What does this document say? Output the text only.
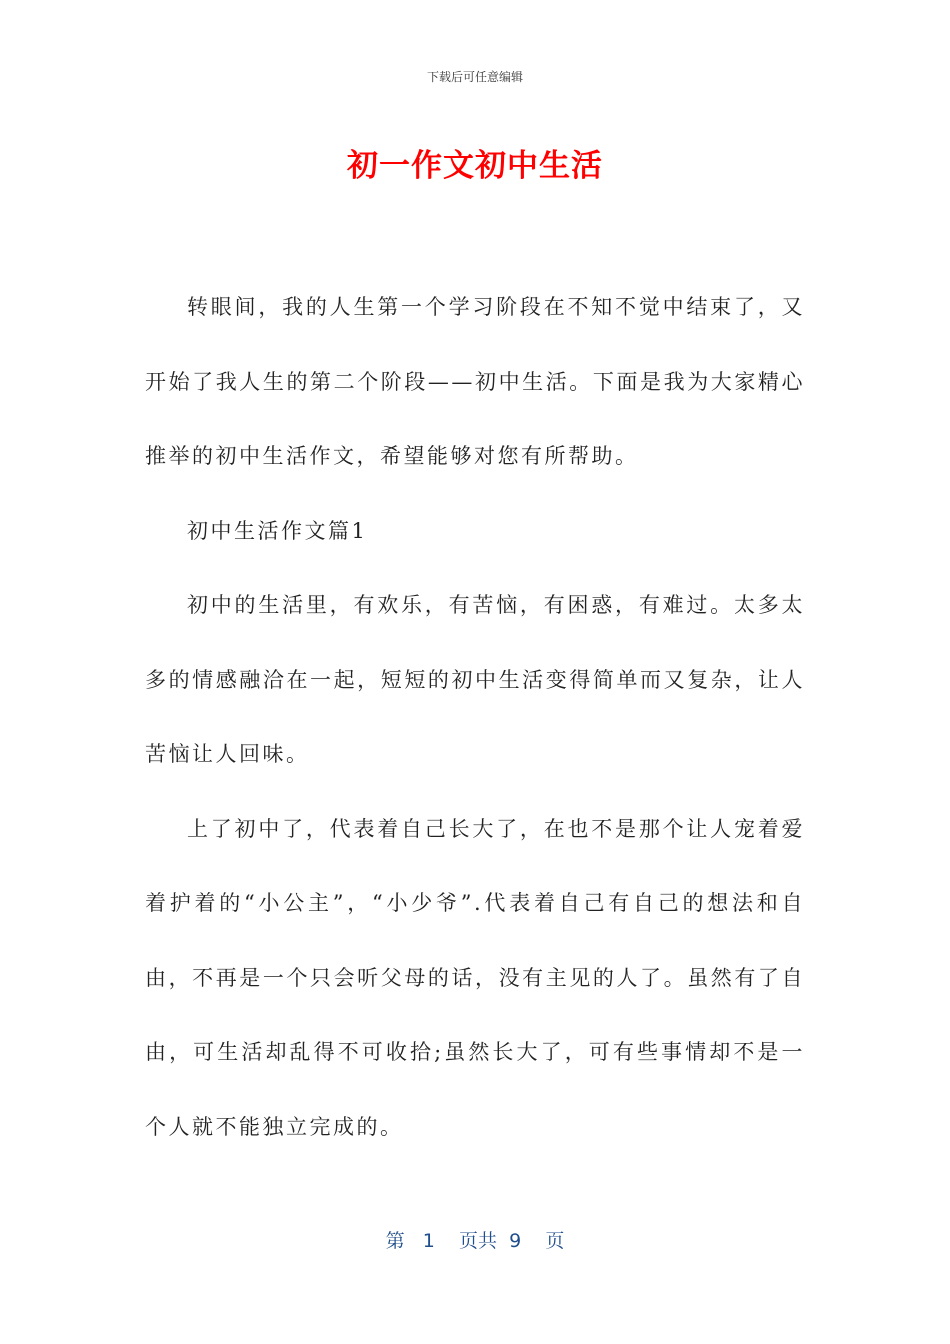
下载后可任意编辑
初一作文初中生活

转眼间，我的人生第一个学习阶段在不知不觉中结束了，又开始了我人生的第二个阶段——初中生活。下面是我为大家精心推举的初中生活作文，希望能够对您有所帮助。

初中生活作文篇1

初中的生活里，有欢乐，有苦恼，有困惑，有难过。太多太多的情感融洽在一起，短短的初中生活变得简单而又复杂，让人苦恼让人回味。

上了初中了，代表着自己长大了，在也不是那个让人宠着爱着护着的“小公主”，“小少爷”.代表着自己有自己的想法和自由，不再是一个只会听父母的话，没有主见的人了。虽然有了自由，可生活却乱得不可收拾;虽然长大了，可有些事情却不是一个人就不能独立完成的。

第 1 页共 9 页
